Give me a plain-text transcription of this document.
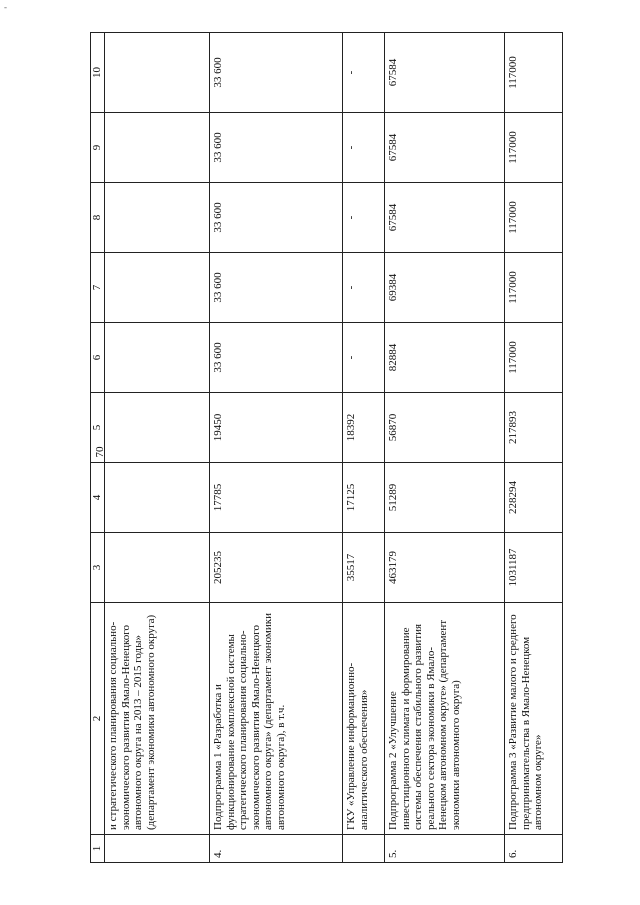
-
70
1	2	3	4	5	6	7	8	9	10
	и стратегического планирования социально-экономического развития Ямало-Ненецкого автономного округа на 2013 – 2015 годы» (департамент экономики автономного округа)								
4.	Подпрограмма 1 «Разработка и функционирование комплексной системы стратегического планирования социально-экономического развития Ямало-Ненецкого автономного округа» (департамент экономики автономного округа), в т.ч.	205235	17785	19450	33 600	33 600	33 600	33 600	33 600
	ГКУ «Управление информационно-аналитического обеспечения»	35517	17125	18392	-	-	-	-	-
5.	Подпрограмма 2 «Улучшение инвестиционного климата и формирование системы обеспечения стабильного развития реального сектора экономики в Ямало-Ненецком автономном округе» (департамент экономики автономного округа)	463179	51289	56870	82884	69384	67584	67584	67584
6.	Подпрограмма 3 «Развитие малого и среднего предпринимательства в Ямало-Ненецком автономном округе»	1031187	228294	217893	117000	117000	117000	117000	117000
